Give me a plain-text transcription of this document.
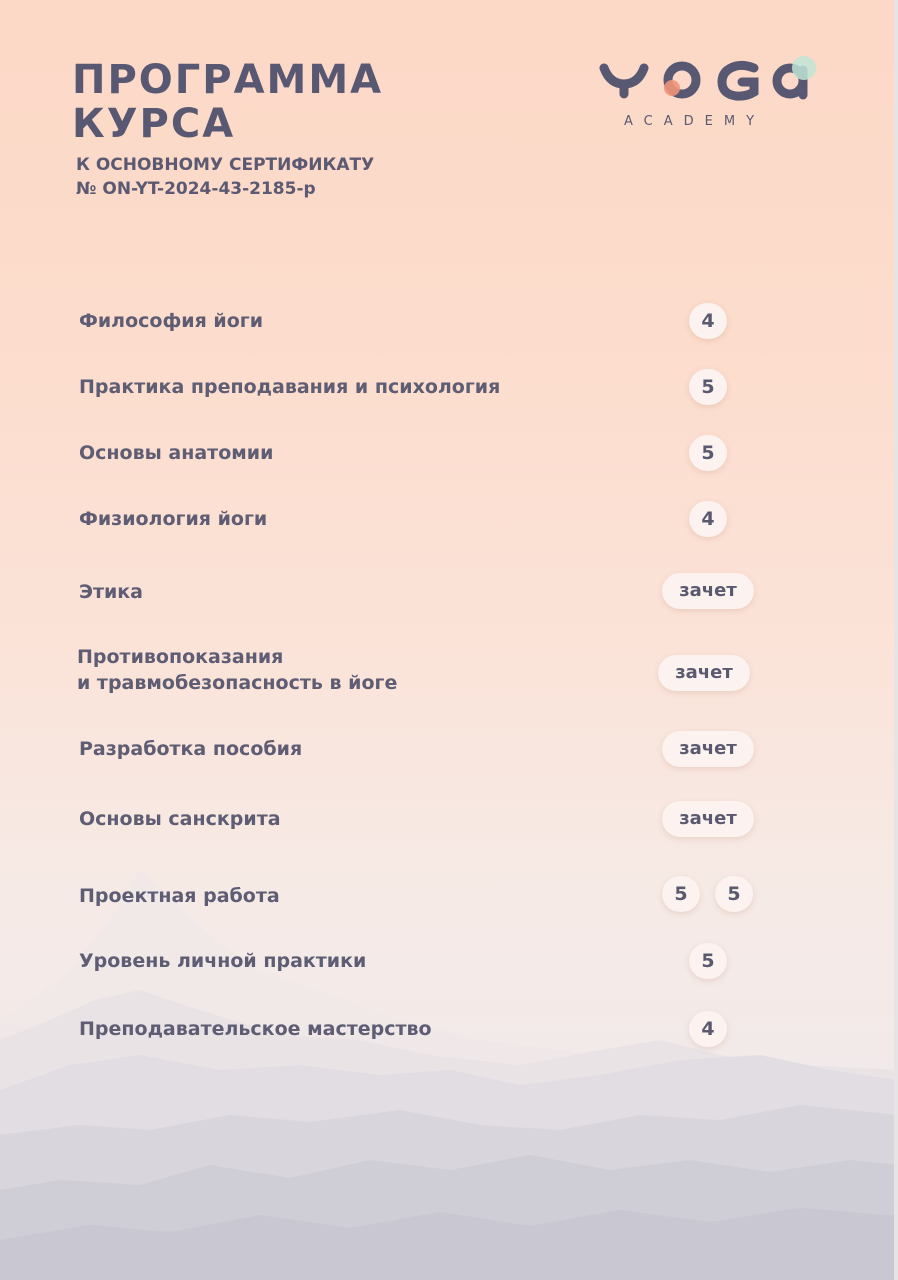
ПРОГРАММА
КУРСА
К ОСНОВНОМУ СЕРТИФИКАТУ
№ ON-YT-2024-43-2185-р
ACADEMY
Философия йоги	4
Практика преподавания и психология	5
Основы анатомии	5
Физиология йоги	4
Этика	зачет
Противопоказания
и травмобезопасность в йоге	зачет
Разработка пособия	зачет
Основы санскрита	зачет
Проектная работа	5	5
Уровень личной практики	5
Преподавательское мастерство	4
